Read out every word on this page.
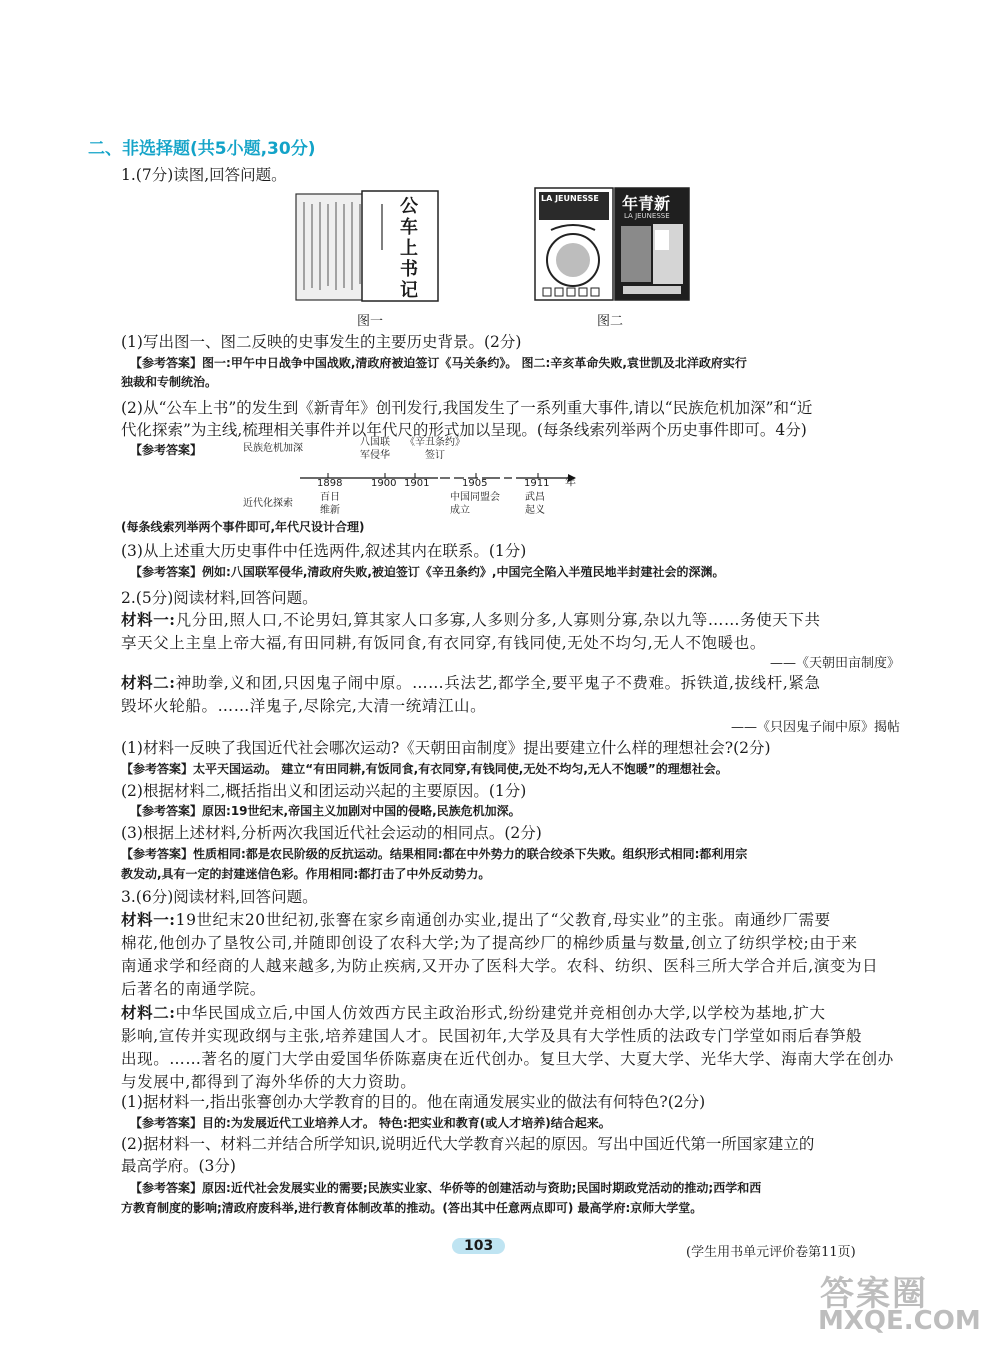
二、非选择题(共5小题,30分)
1.(7分)读图,回答问题。
公
车
上
书
记
图一
LA JEUNESSE 年青新
LA JEUNESSE
图二
(1)写出图一、图二反映的史事发生的主要历史背景。(2分)
【参考答案】图一:甲午中日战争中国战败,清政府被迫签订《马关条约》。 图二:辛亥革命失败,袁世凯及北洋政府实行
独裁和专制统治。
(2)从“公车上书”的发生到《新青年》创刊发行,我国发生了一系列重大事件,请以“民族危机加深”和“近
代化探索”为主线,梳理相关事件并以年代尺的形式加以呈现。(每条线索列举两个历史事件即可。4分)
【参考答案】	民族危机加深
八国联
军侵华
《辛丑条约》
签订
1898	1900 1901	1905	1911 年
近代化探索
百日
维新
中国同盟会
成立
武昌
起义
(每条线索列举两个事件即可,年代尺设计合理)
(3)从上述重大历史事件中任选两件,叙述其内在联系。(1分)
【参考答案】例如:八国联军侵华,清政府失败,被迫签订《辛丑条约》,中国完全陷入半殖民地半封建社会的深渊。
2.(5分)阅读材料,回答问题。
材料一:凡分田,照人口,不论男妇,算其家人口多寡,人多则分多,人寡则分寡,杂以九等……务使天下共
享天父上主皇上帝大福,有田同耕,有饭同食,有衣同穿,有钱同使,无处不均匀,无人不饱暖也。
——《天朝田亩制度》
材料二:神助拳,义和团,只因鬼子闹中原。……兵法艺,都学全,要平鬼子不费难。拆铁道,拔线杆,紧急
毁坏火轮船。……洋鬼子,尽除完,大清一统靖江山。
——《只因鬼子闹中原》揭帖
(1)材料一反映了我国近代社会哪次运动?《天朝田亩制度》提出要建立什么样的理想社会?(2分)
【参考答案】太平天国运动。 建立“有田同耕,有饭同食,有衣同穿,有钱同使,无处不均匀,无人不饱暖”的理想社会。
(2)根据材料二,概括指出义和团运动兴起的主要原因。(1分)
【参考答案】原因:19世纪末,帝国主义加剧对中国的侵略,民族危机加深。
(3)根据上述材料,分析两次我国近代社会运动的相同点。(2分)
【参考答案】性质相同:都是农民阶级的反抗运动。结果相同:都在中外势力的联合绞杀下失败。组织形式相同:都利用宗
教发动,具有一定的封建迷信色彩。作用相同:都打击了中外反动势力。
3.(6分)阅读材料,回答问题。
材料一:19世纪末20世纪初,张謇在家乡南通创办实业,提出了“父教育,母实业”的主张。南通纱厂需要
棉花,他创办了垦牧公司,并随即创设了农科大学;为了提高纱厂的棉纱质量与数量,创立了纺织学校;由于来
南通求学和经商的人越来越多,为防止疾病,又开办了医科大学。农科、纺织、医科三所大学合并后,演变为日
后著名的南通学院。
材料二:中华民国成立后,中国人仿效西方民主政治形式,纷纷建党并竞相创办大学,以学校为基地,扩大
影响,宣传并实现政纲与主张,培养建国人才。民国初年,大学及具有大学性质的法政专门学堂如雨后春笋般
出现。……著名的厦门大学由爱国华侨陈嘉庚在近代创办。复旦大学、大夏大学、光华大学、海南大学在创办
与发展中,都得到了海外华侨的大力资助。
(1)据材料一,指出张謇创办大学教育的目的。他在南通发展实业的做法有何特色?(2分)
【参考答案】目的:为发展近代工业培养人才。 特色:把实业和教育(或人才培养)结合起来。
(2)据材料一、材料二并结合所学知识,说明近代大学教育兴起的原因。写出中国近代第一所国家建立的
最高学府。(3分)
【参考答案】原因:近代社会发展实业的需要;民族实业家、华侨等的创建活动与资助;民国时期政党活动的推动;西学和西
方教育制度的影响;清政府废科举,进行教育体制改革的推动。(答出其中任意两点即可) 最高学府:京师大学堂。
103	(学生用书单元评价卷第11页)
答案圈
MXQE.COM
